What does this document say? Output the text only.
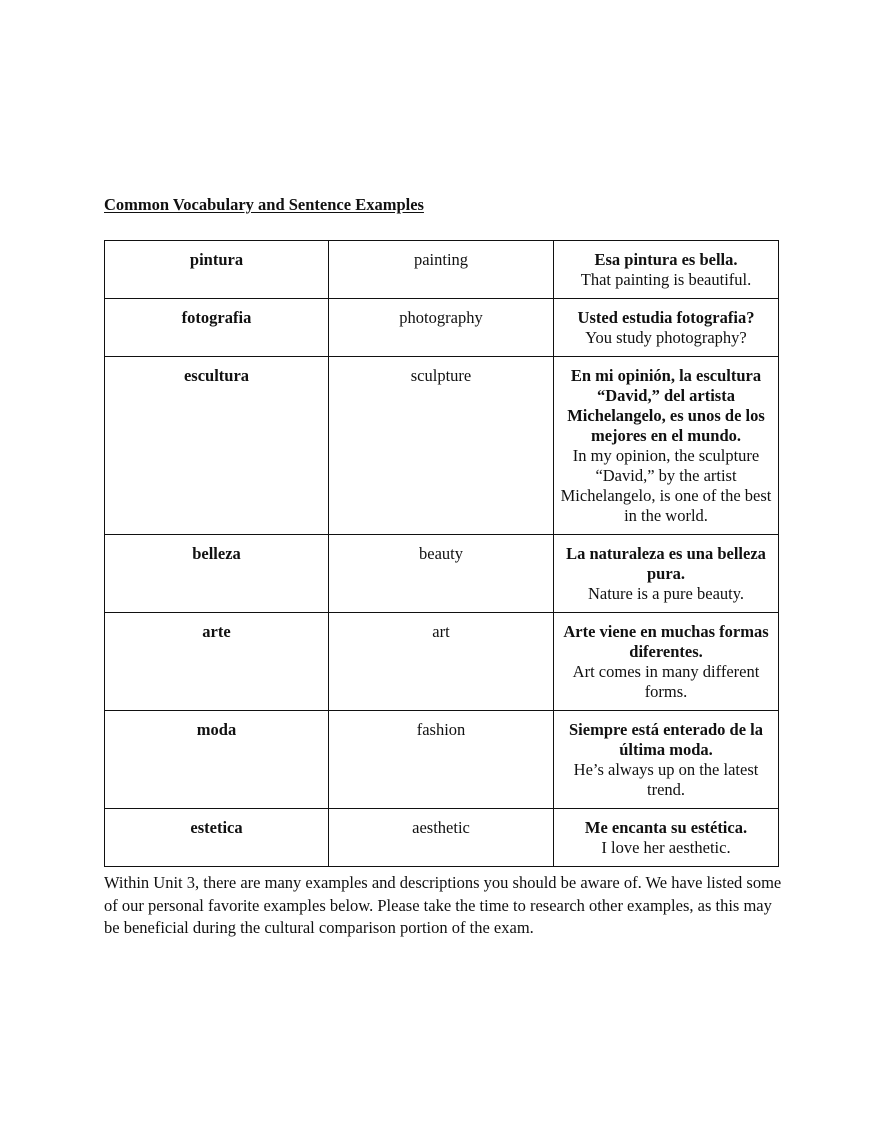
Common Vocabulary and Sentence Examples
pintura	painting	Esa pintura es bella.
That painting is beautiful.

fotografia	photography	Usted estudia fotografia?
You study photography?

escultura	sculpture	En mi opinión, la escultura “David,” del artista Michelangelo, es unos de los mejores en el mundo.
In my opinion, the sculpture “David,” by the artist Michelangelo, is one of the best in the world.

belleza	beauty	La naturaleza es una belleza pura.
Nature is a pure beauty.

arte	art	Arte viene en muchas formas diferentes.
Art comes in many different forms.

moda	fashion	Siempre está enterado de la última moda.
He’s always up on the latest trend.

estetica	aesthetic	Me encanta su estética.
I love her aesthetic.
Within Unit 3, there are many examples and descriptions you should be aware of. We have listed some of our personal favorite examples below. Please take the time to research other examples, as this may be beneficial during the cultural comparison portion of the exam.
